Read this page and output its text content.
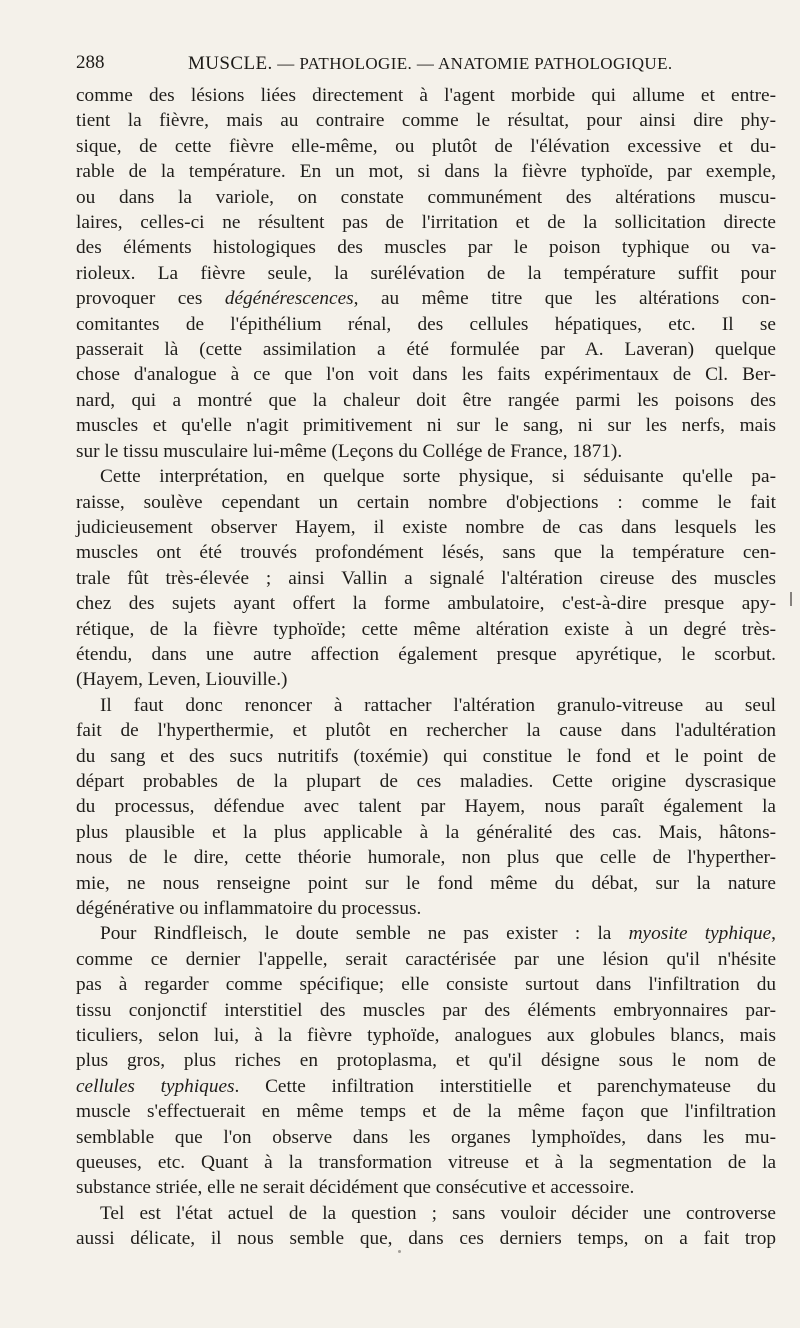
288	MUSCLE. — PATHOLOGIE. — ANATOMIE PATHOLOGIQUE.
comme des lésions liées directement à l'agent morbide qui allume et entre-
tient la fièvre, mais au contraire comme le résultat, pour ainsi dire phy-
sique, de cette fièvre elle-même, ou plutôt de l'élévation excessive et du-
rable de la température. En un mot, si dans la fièvre typhoïde, par exemple,
ou dans la variole, on constate communément des altérations muscu-
laires, celles-ci ne résultent pas de l'irritation et de la sollicitation directe
des éléments histologiques des muscles par le poison typhique ou va-
rioleux. La fièvre seule, la surélévation de la température suffit pour
provoquer ces dégénérescences, au même titre que les altérations con-
comitantes de l'épithélium rénal, des cellules hépatiques, etc. Il se
passerait là (cette assimilation a été formulée par A. Laveran) quelque
chose d'analogue à ce que l'on voit dans les faits expérimentaux de Cl. Ber-
nard, qui a montré que la chaleur doit être rangée parmi les poisons des
muscles et qu'elle n'agit primitivement ni sur le sang, ni sur les nerfs, mais
sur le tissu musculaire lui-même (Leçons du Collége de France, 1871).
Cette interprétation, en quelque sorte physique, si séduisante qu'elle pa-
raisse, soulève cependant un certain nombre d'objections : comme le fait
judicieusement observer Hayem, il existe nombre de cas dans lesquels les
muscles ont été trouvés profondément lésés, sans que la température cen-
trale fût très-élevée ; ainsi Vallin a signalé l'altération cireuse des muscles
chez des sujets ayant offert la forme ambulatoire, c'est-à-dire presque apy-
rétique, de la fièvre typhoïde; cette même altération existe à un degré très-
étendu, dans une autre affection également presque apyrétique, le scorbut.
(Hayem, Leven, Liouville.)
Il faut donc renoncer à rattacher l'altération granulo-vitreuse au seul
fait de l'hyperthermie, et plutôt en rechercher la cause dans l'adultération
du sang et des sucs nutritifs (toxémie) qui constitue le fond et le point de
départ probables de la plupart de ces maladies. Cette origine dyscrasique
du processus, défendue avec talent par Hayem, nous paraît également la
plus plausible et la plus applicable à la généralité des cas. Mais, hâtons-
nous de le dire, cette théorie humorale, non plus que celle de l'hyperther-
mie, ne nous renseigne point sur le fond même du débat, sur la nature
dégénérative ou inflammatoire du processus.
Pour Rindfleisch, le doute semble ne pas exister : la myosite typhique,
comme ce dernier l'appelle, serait caractérisée par une lésion qu'il n'hésite
pas à regarder comme spécifique; elle consiste surtout dans l'infiltration du
tissu conjonctif interstitiel des muscles par des éléments embryonnaires par-
ticuliers, selon lui, à la fièvre typhoïde, analogues aux globules blancs, mais
plus gros, plus riches en protoplasma, et qu'il désigne sous le nom de
cellules typhiques. Cette infiltration interstitielle et parenchymateuse du
muscle s'effectuerait en même temps et de la même façon que l'infiltration
semblable que l'on observe dans les organes lymphoïdes, dans les mu-
queuses, etc. Quant à la transformation vitreuse et à la segmentation de la
substance striée, elle ne serait décidément que consécutive et accessoire.
Tel est l'état actuel de la question ; sans vouloir décider une controverse
aussi délicate, il nous semble que, dans ces derniers temps, on a fait trop
